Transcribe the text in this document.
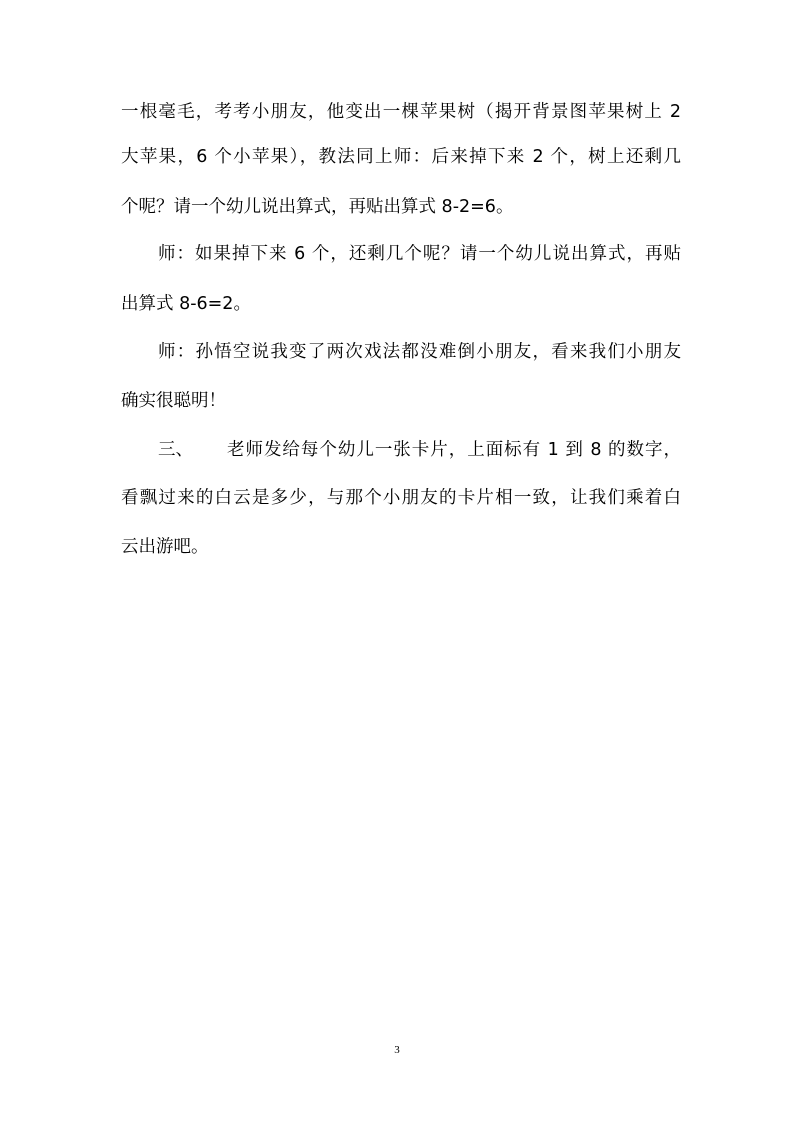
一根毫毛，考考小朋友，他变出一棵苹果树（揭开背景图苹果树上 2
大苹果，6 个小苹果），教法同上师：后来掉下来 2 个，树上还剩几
个呢？请一个幼儿说出算式，再贴出算式 8-2=6。
师：如果掉下来 6 个，还剩几个呢？请一个幼儿说出算式，再贴
出算式 8-6=2。
师：孙悟空说我变了两次戏法都没难倒小朋友，看来我们小朋友
确实很聪明！
三、 老师发给每个幼儿一张卡片，上面标有 1 到 8 的数字，
看飘过来的白云是多少，与那个小朋友的卡片相一致，让我们乘着白
云出游吧。
3
